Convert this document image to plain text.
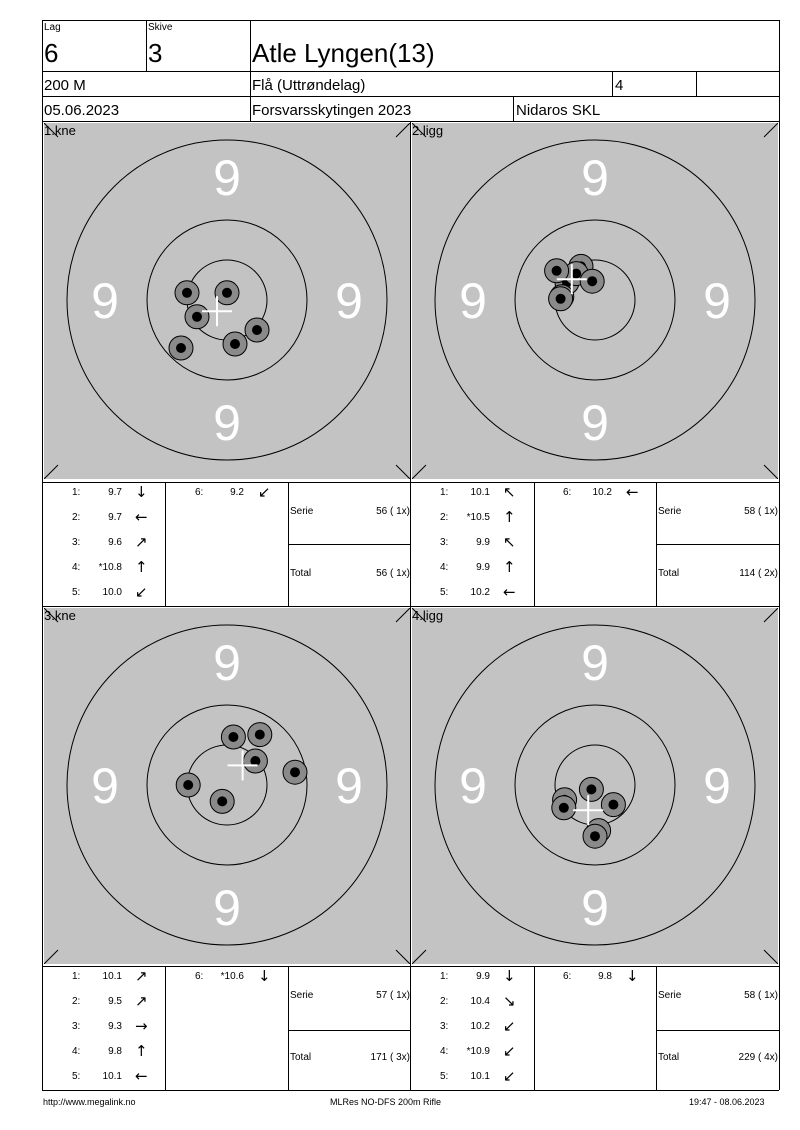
Lag
6
Skive
3	Atle Lyngen(13)
200 M	Flå (Uttrøndelag)	4
05.06.2023	Forsvarsskytingen 2023	Nidaros SKL
9
9
9	9
1.kne
9
9
9	9
2.ligg
9
9
9	9
3.kne
9
9
9	9
4.ligg
1:	9.7 ↓
2:	9.7 ←
3:	9.6 ↗
4:	*10.8 ↑
5:	10.0 ↙
6:	9.2 ↙
Serie	56 ( 1x)
Total	56 ( 1x)
1:	10.1 ↖
2:	*10.5 ↑
3:	9.9 ↖
4:	9.9 ↑
5:	10.2 ←
6:	10.2 ←
Serie	58 ( 1x)
Total	114 ( 2x)
1:	10.1 ↗
2:	9.5 ↗
3:	9.3 →
4:	9.8 ↑
5:	10.1 ←
6:	*10.6 ↓
Serie	57 ( 1x)
Total	171 ( 3x)
1:	9.9 ↓
2:	10.4 ↘
3:	10.2 ↙
4:	*10.9 ↙
5:	10.1 ↙
6:	9.8 ↓
Serie	58 ( 1x)
Total	229 ( 4x)
http://www.megalink.no	MLRes NO-DFS 200m Rifle	19:47 - 08.06.2023
